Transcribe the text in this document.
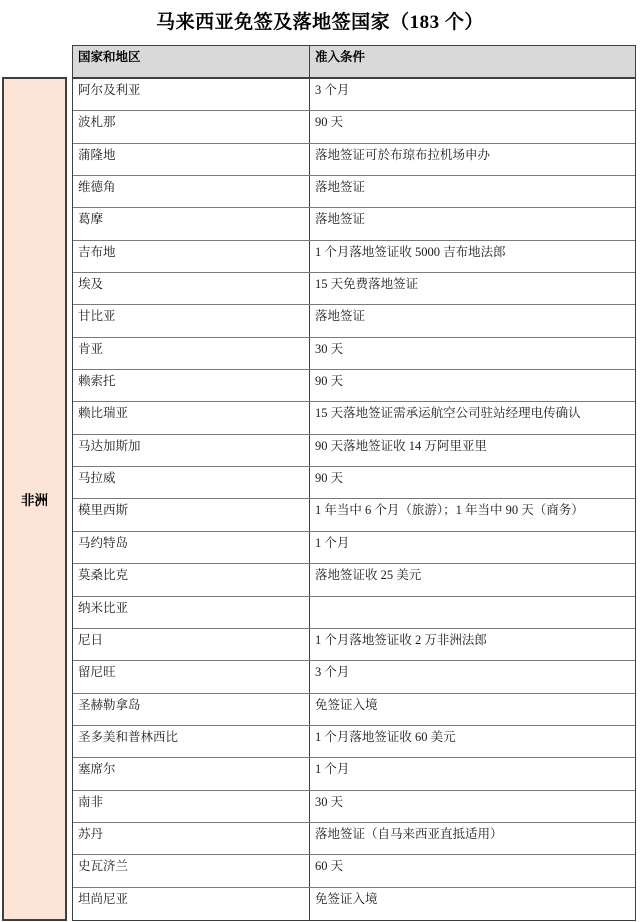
马来西亚免签及落地签国家（183 个）
非洲
国家和地区	准入条件
阿尔及利亚	3 个月
波札那	90 天
蒲隆地	落地签证可於布琼布拉机场申办
维德角	落地签证
葛摩	落地签证
吉布地	1 个月落地签证收 5000 吉布地法郎
埃及	15 天免费落地签证
甘比亚	落地签证
肯亚	30 天
赖索托	90 天
赖比瑞亚	15 天落地签证需承运航空公司驻站经理电传确认
马达加斯加	90 天落地签证收 14 万阿里亚里
马拉威	90 天
模里西斯	1 年当中 6 个月（旅游）；1 年当中 90 天（商务）
马约特岛	1 个月
莫桑比克	落地签证收 25 美元
纳米比亚
尼日	1 个月落地签证收 2 万非洲法郎
留尼旺	3 个月
圣赫勒拿岛	免签证入境
圣多美和普林西比	1 个月落地签证收 60 美元
塞席尔	1 个月
南非	30 天
苏丹	落地签证（自马来西亚直抵适用）
史瓦济兰	60 天
坦尚尼亚	免签证入境
